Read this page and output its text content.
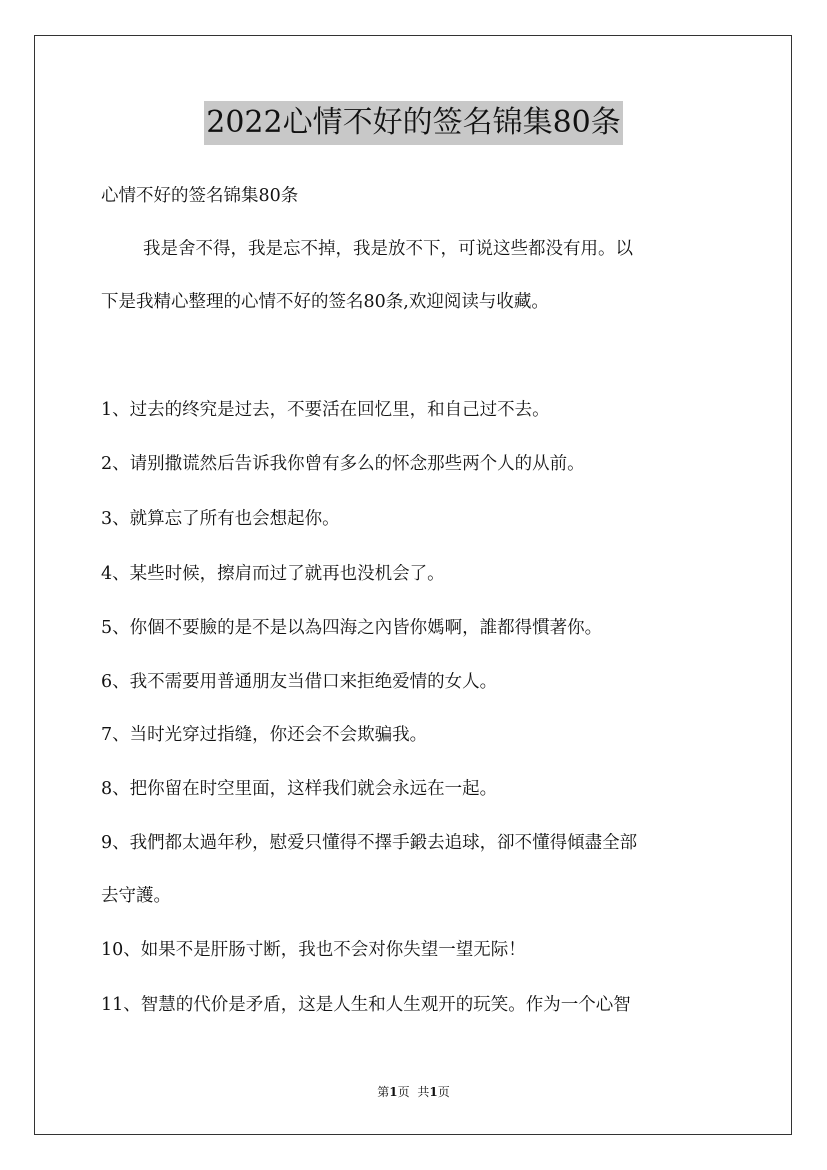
2022心情不好的签名锦集80条
心情不好的签名锦集80条
我是舍不得，我是忘不掉，我是放不下，可说这些都没有用。以
下是我精心整理的心情不好的签名80条,欢迎阅读与收藏。
1、过去的终究是过去，不要活在回忆里，和自己过不去。
2、请别撒谎然后告诉我你曾有多么的怀念那些两个人的从前。
3、就算忘了所有也会想起你。
4、某些时候，擦肩而过了就再也没机会了。
5、你個不要臉的是不是以為四海之內皆你媽啊，誰都得慣著你。
6、我不需要用普通朋友当借口来拒绝爱情的女人。
7、当时光穿过指缝，你还会不会欺骗我。
8、把你留在时空里面，这样我们就会永远在一起。
9、我們都太過年秒，慰爱只懂得不擇手鍛去追球，卻不懂得傾盡全部
去守護。
10、如果不是肝肠寸断，我也不会对你失望一望无际！
11、智慧的代价是矛盾，这是人生和人生观开的玩笑。作为一个心智
第1页 共1页
